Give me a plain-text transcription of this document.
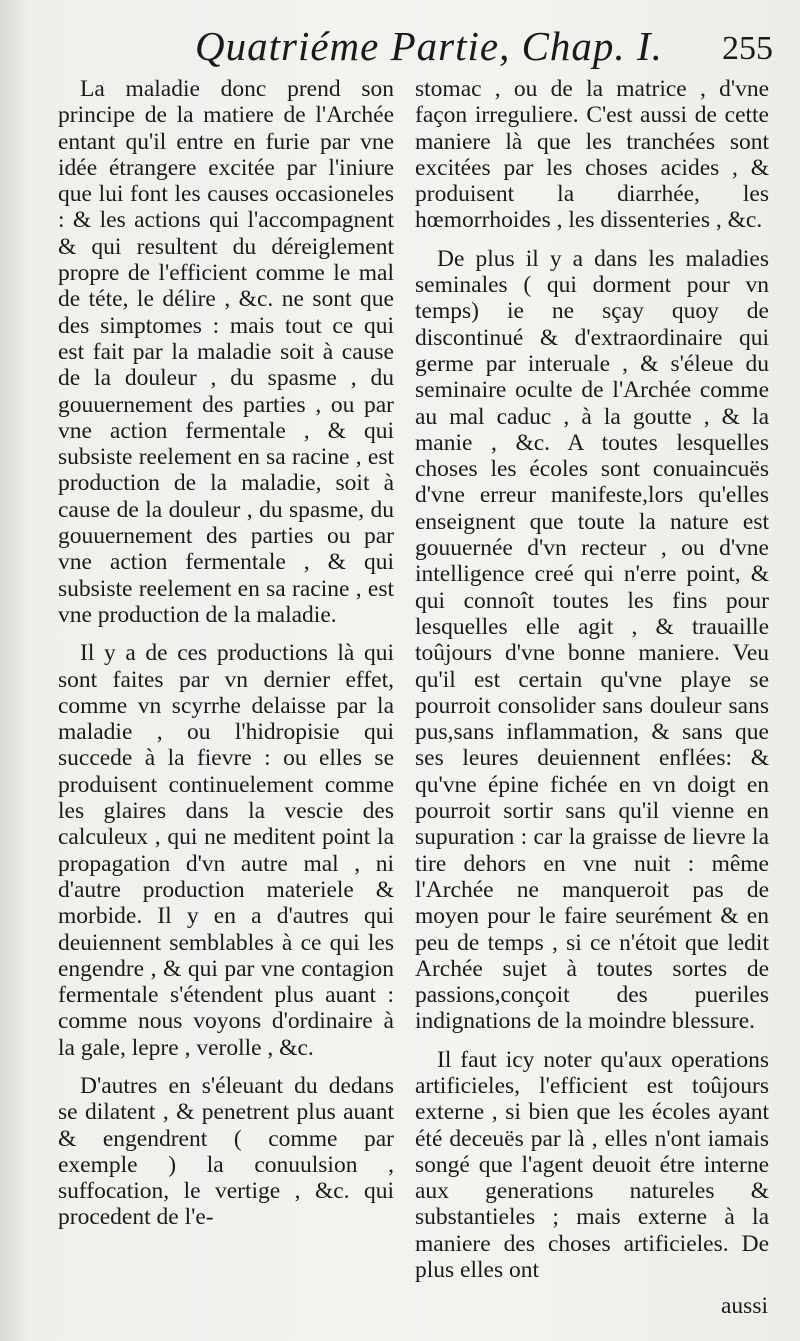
Quatriéme Partie, Chap. I. 255

La maladie donc prend son principe de la matiere de l'Archée entant qu'il entre en furie par vne idée étrangere excitée par l'iniure que lui font les causes occasioneles : & les actions qui l'accompagnent & qui resultent du déreiglement propre de l'efficient comme le mal de téte, le délire , &c. ne sont que des simptomes : mais tout ce qui est fait par la maladie soit à cause de la douleur , du spasme , du gouuernement des parties , ou par vne action fermentale , & qui subsiste reelement en sa racine , est production de la maladie, soit à cause de la douleur , du spasme, du gouuernement des parties ou par vne action fermentale , & qui subsiste reelement en sa racine , est vne production de la maladie.

Il y a de ces productions là qui sont faites par vn dernier effet, comme vn scyrrhe delaisse par la maladie , ou l'hidropisie qui succede à la fievre : ou elles se produisent continuelement comme les glaires dans la vescie des calculeux , qui ne meditent point la propagation d'vn autre mal , ni d'autre production materiele & morbide. Il y en a d'autres qui deuiennent semblables à ce qui les engendre , & qui par vne contagion fermentale s'étendent plus auant : comme nous voyons d'ordinaire à la gale, lepre , verolle , &c.

D'autres en s'éleuant du dedans se dilatent , & penetrent plus auant & engendrent ( comme par exemple ) la conuulsion , suffocation, le vertige , &c. qui procedent de l'e-

stomac , ou de la matrice , d'vne façon irreguliere. C'est aussi de cette maniere là que les tranchées sont excitées par les choses acides , & produisent la diarrhée, les hœmorrhoides , les dissenteries , &c.

De plus il y a dans les maladies seminales ( qui dorment pour vn temps) ie ne sçay quoy de discontinué & d'extraordinaire qui germe par interuale , & s'éleue du seminaire oculte de l'Archée comme au mal caduc , à la goutte , & la manie , &c. A toutes lesquelles choses les écoles sont conuaincuës d'vne erreur manifeste,lors qu'elles enseignent que toute la nature est gouuernée d'vn recteur , ou d'vne intelligence creé qui n'erre point, & qui connoît toutes les fins pour lesquelles elle agit , & trauaille toûjours d'vne bonne maniere. Veu qu'il est certain qu'vne playe se pourroit consolider sans douleur sans pus,sans inflammation, & sans que ses leures deuiennent enflées: & qu'vne épine fichée en vn doigt en pourroit sortir sans qu'il vienne en supuration : car la graisse de lievre la tire dehors en vne nuit : même l'Archée ne manqueroit pas de moyen pour le faire seurément & en peu de temps , si ce n'étoit que ledit Archée sujet à toutes sortes de passions,conçoit des pueriles indignations de la moindre blessure.

Il faut icy noter qu'aux operations artificieles, l'efficient est toûjours externe , si bien que les écoles ayant été deceuës par là , elles n'ont iamais songé que l'agent deuoit étre interne aux generations natureles & substantieles ; mais externe à la maniere des choses artificieles. De plus elles ont

aussi
